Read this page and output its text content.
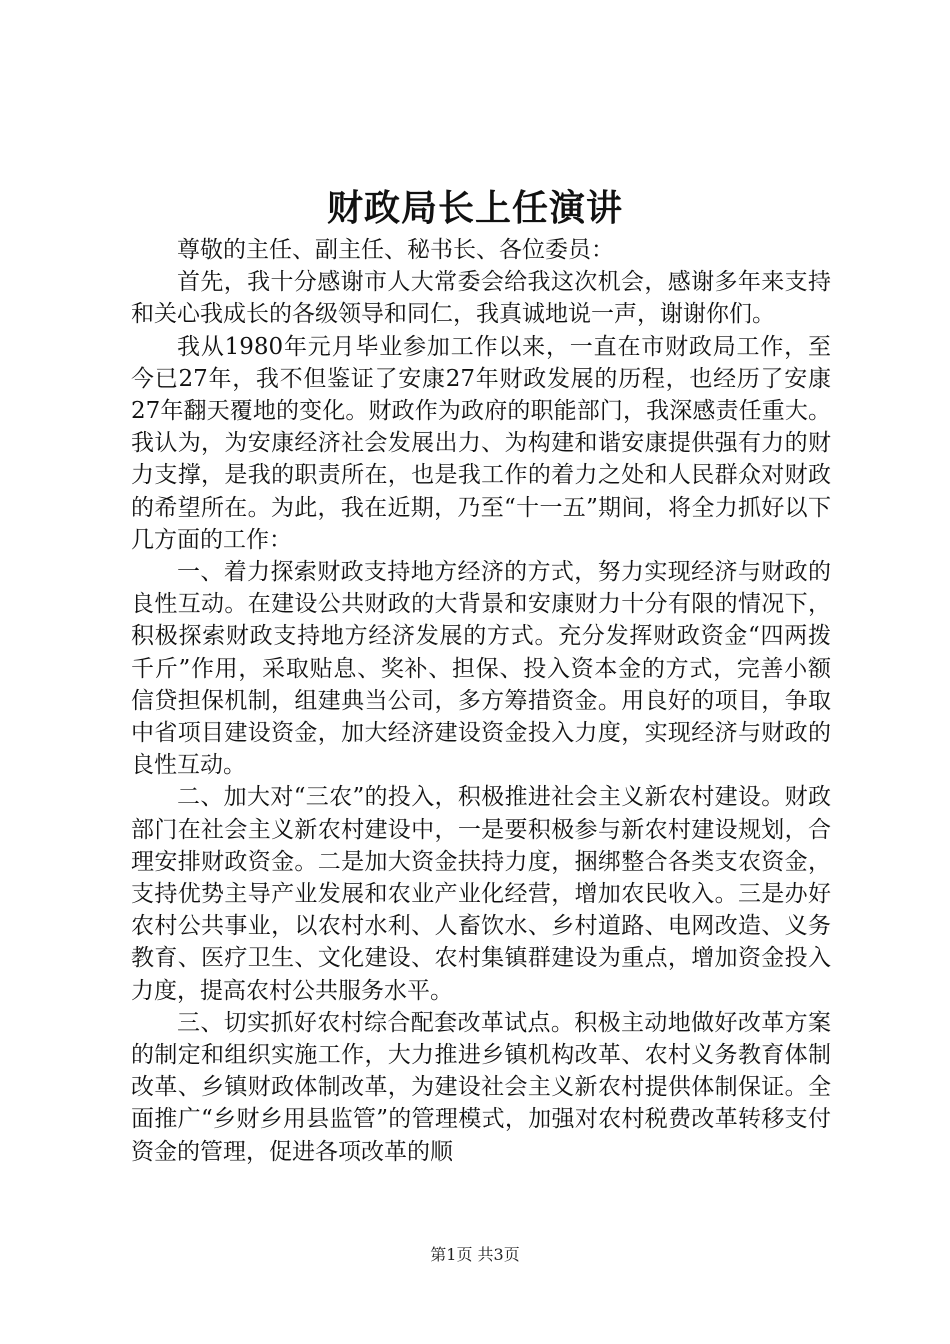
财政局长上任演讲

尊敬的主任、副主任、秘书长、各位委员：

首先，我十分感谢市人大常委会给我这次机会，感谢多年来支持和关心我成长的各级领导和同仁，我真诚地说一声，谢谢你们。

我从1980年元月毕业参加工作以来，一直在市财政局工作，至今已27年，我不但鉴证了安康27年财政发展的历程，也经历了安康27年翻天覆地的变化。财政作为政府的职能部门，我深感责任重大。我认为，为安康经济社会发展出力、为构建和谐安康提供强有力的财力支撑，是我的职责所在，也是我工作的着力之处和人民群众对财政的希望所在。为此，我在近期，乃至“十一五”期间，将全力抓好以下几方面的工作：

一、着力探索财政支持地方经济的方式，努力实现经济与财政的良性互动。在建设公共财政的大背景和安康财力十分有限的情况下，积极探索财政支持地方经济发展的方式。充分发挥财政资金“四两拨千斤”作用，采取贴息、奖补、担保、投入资本金的方式，完善小额信贷担保机制，组建典当公司，多方筹措资金。用良好的项目，争取中省项目建设资金，加大经济建设资金投入力度，实现经济与财政的良性互动。

二、加大对“三农”的投入，积极推进社会主义新农村建设。财政部门在社会主义新农村建设中，一是要积极参与新农村建设规划，合理安排财政资金。二是加大资金扶持力度，捆绑整合各类支农资金，支持优势主导产业发展和农业产业化经营，增加农民收入。三是办好农村公共事业，以农村水利、人畜饮水、乡村道路、电网改造、义务教育、医疗卫生、文化建设、农村集镇群建设为重点，增加资金投入力度，提高农村公共服务水平。

三、切实抓好农村综合配套改革试点。积极主动地做好改革方案的制定和组织实施工作，大力推进乡镇机构改革、农村义务教育体制改革、乡镇财政体制改革，为建设社会主义新农村提供体制保证。全面推广“乡财乡用县监管”的管理模式，加强对农村税费改革转移支付资金的管理，促进各项改革的顺

第1页 共3页
